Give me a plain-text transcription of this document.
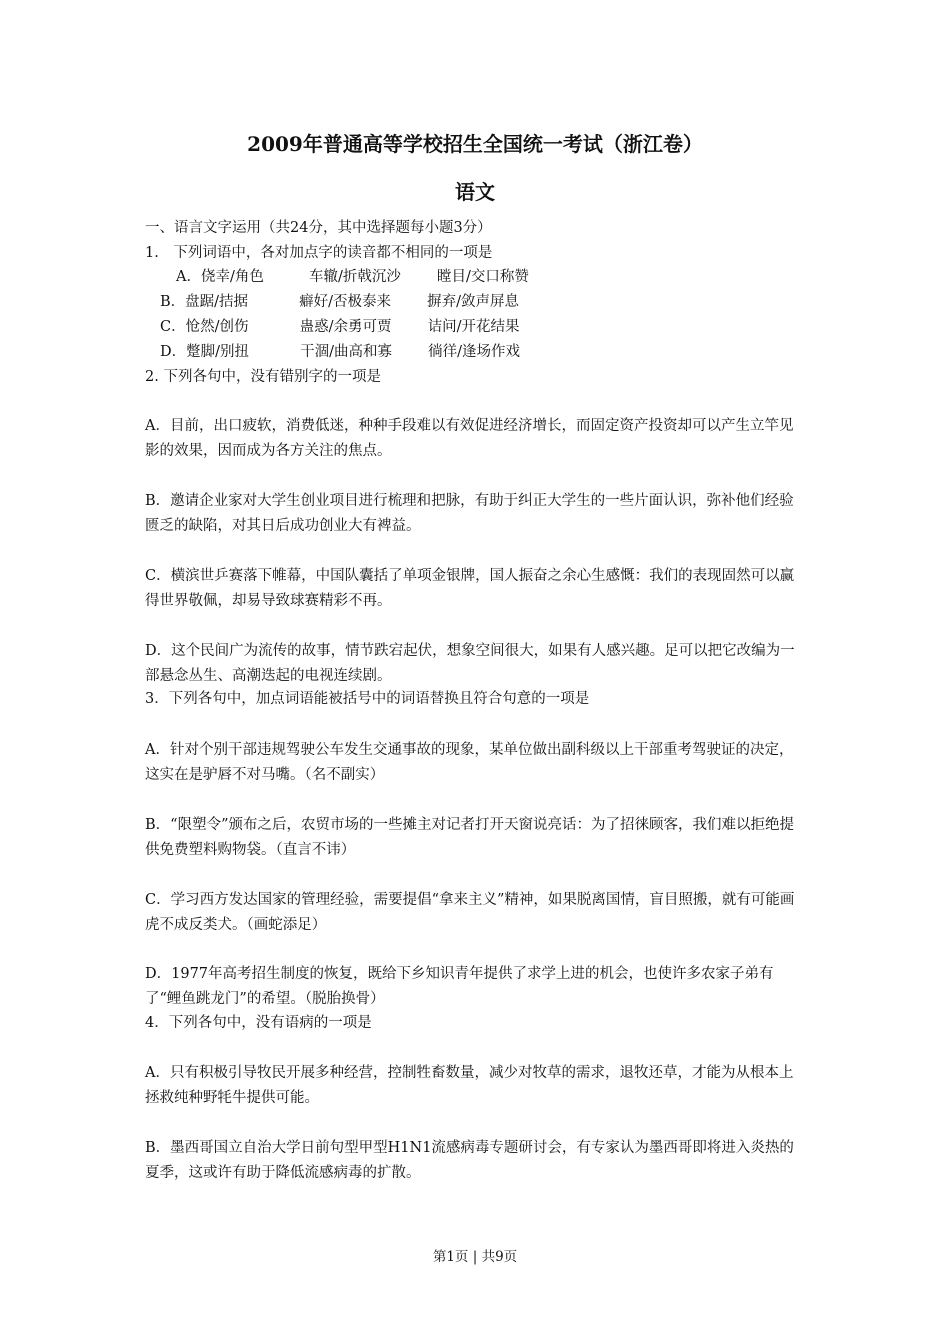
2009年普通高等学校招生全国统一考试（浙江卷）
语文
一、语言文字运用（共24分，其中选择题每小题3分）
1.　下列词语中，各对加点字的读音都不相同的一项是
A．侥幸/角色	车辙/折戟沉沙 瞠目/交口称赞
B．盘踞/拮据	癖好/否极泰来 摒弃/敛声屏息
C．怆然/创伤	蛊惑/余勇可贾 诘问/开花结果
D．蹩脚/别扭	干涸/曲高和寡 徜徉/逢场作戏
2. 下列各句中，没有错别字的一项是
A．目前，出口疲软，消费低迷，种种手段难以有效促进经济增长，而固定资产投资却可以产生立竿见影的效果，因而成为各方关注的焦点。
B．邀请企业家对大学生创业项目进行梳理和把脉，有助于纠正大学生的一些片面认识，弥补他们经验匮乏的缺陷，对其日后成功创业大有裨益。
C．横滨世乒赛落下帷幕，中国队囊括了单项金银牌，国人振奋之余心生感慨：我们的表现固然可以赢得世界敬佩，却易导致球赛精彩不再。
D．这个民间广为流传的故事，情节跌宕起伏，想象空间很大，如果有人感兴趣。足可以把它改编为一部悬念丛生、高潮迭起的电视连续剧。
3．下列各句中，加点词语能被括号中的词语替换且符合句意的一项是
A．针对个别干部违规驾驶公车发生交通事故的现象，某单位做出副科级以上干部重考驾驶证的决定，这实在是驴唇不对马嘴。（名不副实）
B．“限塑令”颁布之后，农贸市场的一些摊主对记者打开天窗说亮话：为了招徕顾客，我们难以拒绝提供免费塑料购物袋。（直言不讳）
C．学习西方发达国家的管理经验，需要提倡“拿来主义”精神，如果脱离国情，盲目照搬，就有可能画虎不成反类犬。（画蛇添足）
D．1977年高考招生制度的恢复，既给下乡知识青年提供了求学上进的机会，也使许多农家子弟有了“鲤鱼跳龙门”的希望。（脱胎换骨）
4．下列各句中，没有语病的一项是
A．只有积极引导牧民开展多种经营，控制牲畜数量，减少对牧草的需求，退牧还草，才能为从根本上拯救纯种野牦牛提供可能。
B．墨西哥国立自治大学日前句型甲型H1N1流感病毒专题研讨会，有专家认为墨西哥即将进入炎热的夏季，这或许有助于降低流感病毒的扩散。
第1页 | 共9页
